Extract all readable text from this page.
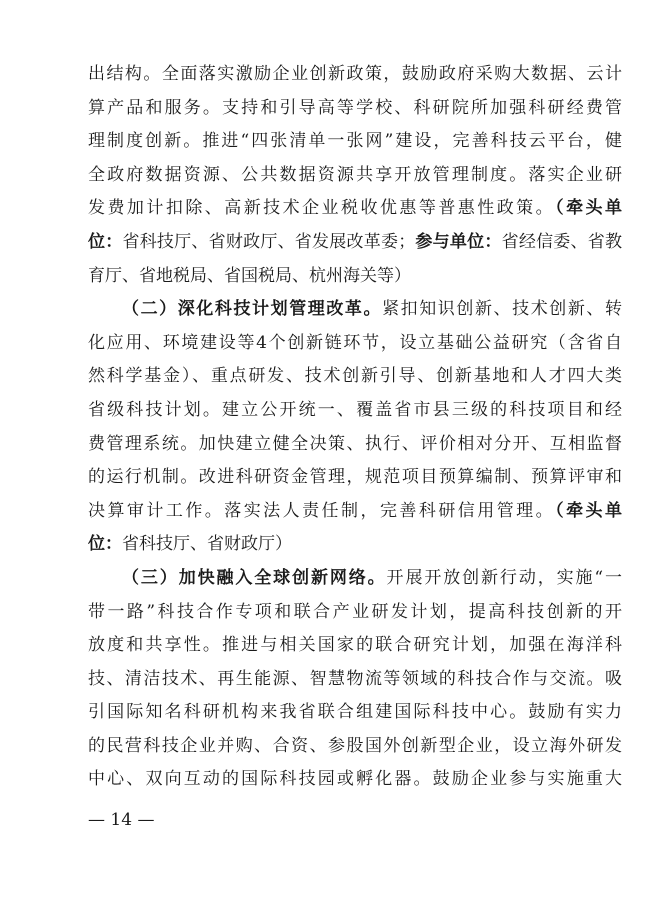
出结构。全面落实激励企业创新政策，鼓励政府采购大数据、云计
算产品和服务。支持和引导高等学校、科研院所加强科研经费管
理制度创新。推进“四张清单一张网”建设，完善科技云平台，健
全政府数据资源、公共数据资源共享开放管理制度。落实企业研
发费加计扣除、高新技术企业税收优惠等普惠性政策。（牵头单
位：省科技厅、省财政厅、省发展改革委；参与单位：省经信委、省教
育厅、省地税局、省国税局、杭州海关等）
（二）深化科技计划管理改革。紧扣知识创新、技术创新、转
化应用、环境建设等4个创新链环节，设立基础公益研究（含省自
然科学基金）、重点研发、技术创新引导、创新基地和人才四大类
省级科技计划。建立公开统一、覆盖省市县三级的科技项目和经
费管理系统。加快建立健全决策、执行、评价相对分开、互相监督
的运行机制。改进科研资金管理，规范项目预算编制、预算评审和
决算审计工作。落实法人责任制，完善科研信用管理。（牵头单
位：省科技厅、省财政厅）
（三）加快融入全球创新网络。开展开放创新行动，实施“一
带一路”科技合作专项和联合产业研发计划，提高科技创新的开
放度和共享性。推进与相关国家的联合研究计划，加强在海洋科
技、清洁技术、再生能源、智慧物流等领域的科技合作与交流。吸
引国际知名科研机构来我省联合组建国际科技中心。鼓励有实力
的民营科技企业并购、合资、参股国外创新型企业，设立海外研发
中心、双向互动的国际科技园或孵化器。鼓励企业参与实施重大
— 14 —
